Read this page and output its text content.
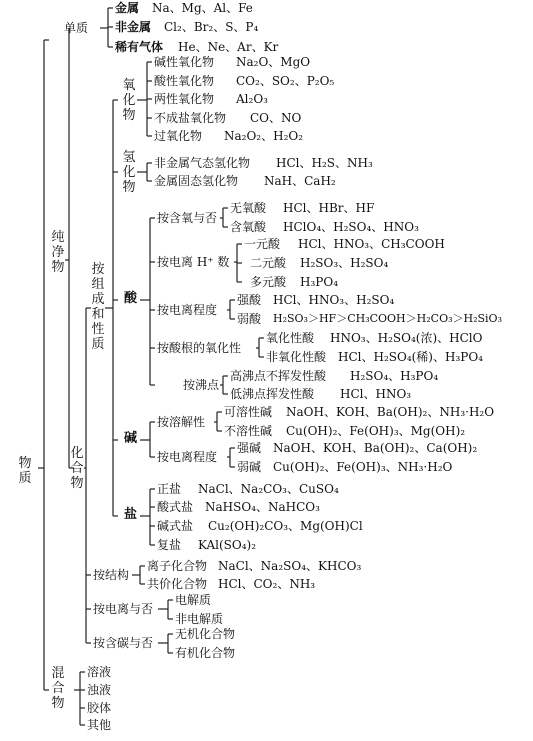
物质
纯净物
单质
金属 Na、Mg、Al、Fe
非金属 Cl₂、Br₂、S、P₄
稀有气体 He、Ne、Ar、Kr
化合物
按组成和性质
氧化物
碱性氧化物 Na₂O、MgO
酸性氧化物 CO₂、SO₂、P₂O₅
两性氧化物 Al₂O₃
不成盐氧化物 CO、NO
过氧化物 Na₂O₂、H₂O₂
氢化物
非金属气态氢化物 HCl、H₂S、NH₃
金属固态氢化物 NaH、CaH₂
酸
按含氧与否
无氧酸 HCl、HBr、HF
含氧酸 HClO₄、H₂SO₄、HNO₃
按电离 H⁺ 数
一元酸 HCl、HNO₃、CH₃COOH
二元酸 H₂SO₃、H₂SO₄
多元酸 H₃PO₄
按电离程度
强酸 HCl、HNO₃、H₂SO₄
弱酸 H₂SO₃＞HF＞CH₃COOH＞H₂CO₃＞H₂SiO₃
按酸根的氧化性
氧化性酸 HNO₃、H₂SO₄(浓)、HClO
非氧化性酸 HCl、H₂SO₄(稀)、H₃PO₄
按沸点
高沸点不挥发性酸 H₂SO₄、H₃PO₄
低沸点挥发性酸 HCl、HNO₃
碱
按溶解性
可溶性碱 NaOH、KOH、Ba(OH)₂、NH₃·H₂O
不溶性碱 Cu(OH)₂、Fe(OH)₃、Mg(OH)₂
按电离程度
强碱 NaOH、KOH、Ba(OH)₂、Ca(OH)₂
弱碱 Cu(OH)₂、Fe(OH)₃、NH₃·H₂O
盐
正盐 NaCl、Na₂CO₃、CuSO₄
酸式盐 NaHSO₄、NaHCO₃
碱式盐 Cu₂(OH)₂CO₃、Mg(OH)Cl
复盐 KAl(SO₄)₂
按结构
离子化合物 NaCl、Na₂SO₄、KHCO₃
共价化合物 HCl、CO₂、NH₃
按电离与否
电解质
非电解质
按含碳与否
无机化合物
有机化合物
混合物
溶液
浊液
胶体
其他
